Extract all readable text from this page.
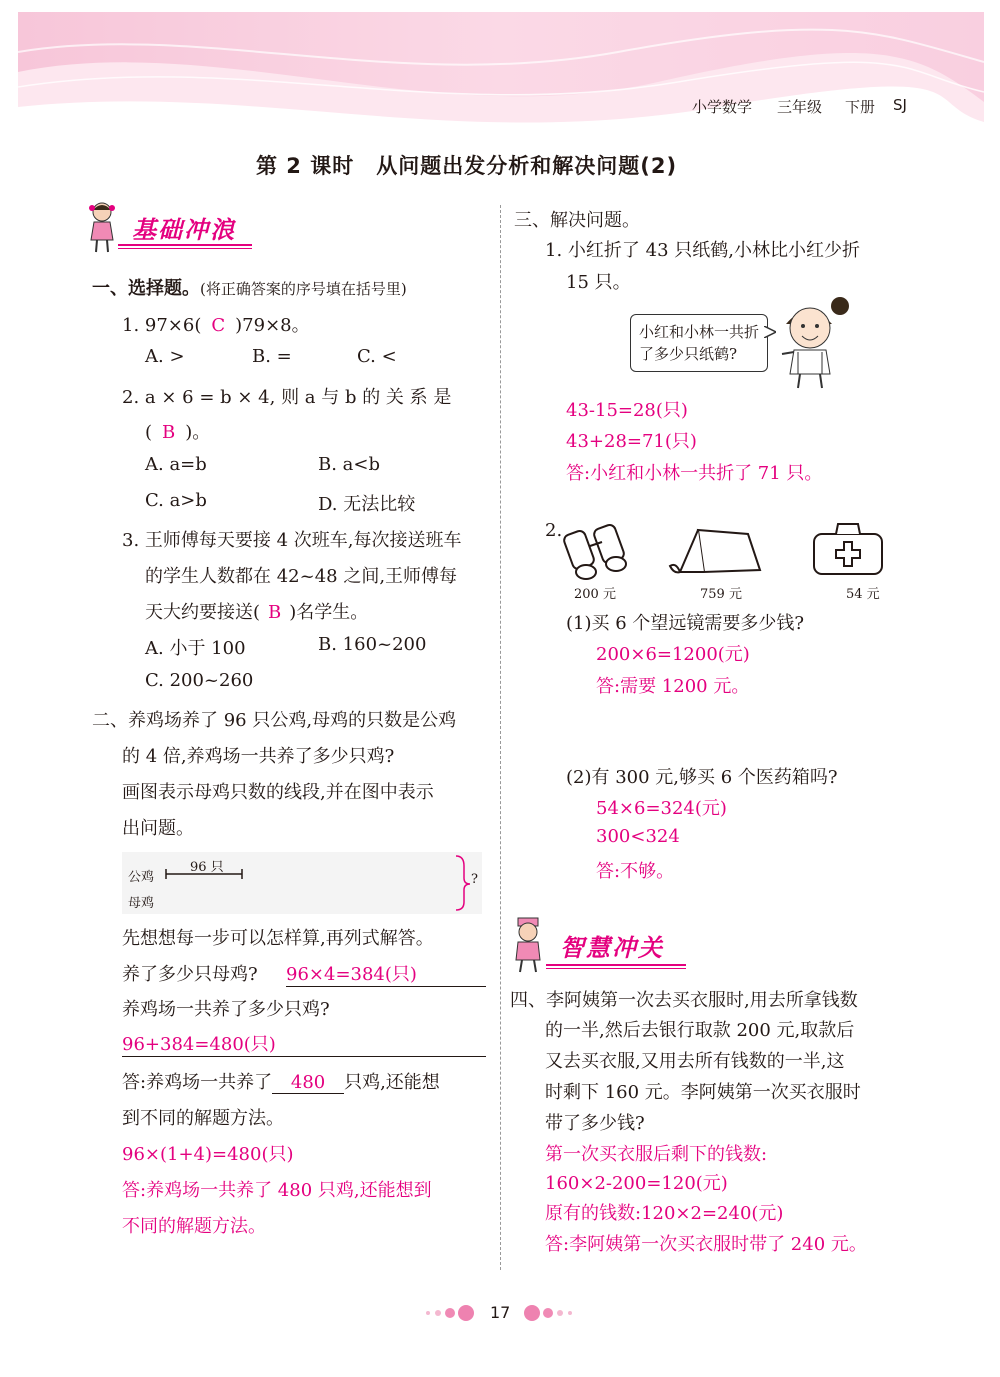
小学数学 三年级 下册 SJ
第 2 课时　从问题出发分析和解决问题(2)
基础冲浪
一、选择题。(将正确答案的序号填在括号里)
1. 97×6( C )79×8。
A. >	B. =	C. <
2. a × 6 = b × 4, 则 a 与 b 的 关 系 是
( B )。
A. a=b	B. a<b
C. a>b	D. 无法比较
3. 王师傅每天要接 4 次班车,每次接送班车
的学生人数都在 42~48 之间,王师傅每
天大约要接送( B )名学生。
A. 小于 100	B. 160~200
C. 200~260
二、养鸡场养了 96 只公鸡,母鸡的只数是公鸡
的 4 倍,养鸡场一共养了多少只鸡?
画图表示母鸡只数的线段,并在图中表示
出问题。
公鸡
母鸡
96 只
?
先想想每一步可以怎样算,再列式解答。
养了多少只母鸡? 96×4=384(只)
养鸡场一共养了多少只鸡?
96+384=480(只)
答:养鸡场一共养了 480 只鸡,还能想
到不同的解题方法。
96×(1+4)=480(只)
答:养鸡场一共养了 480 只鸡,还能想到
不同的解题方法。
三、解决问题。
1. 小红折了 43 只纸鹤,小林比小红少折
15 只。
小红和小林一共折
了多少只纸鹤?
43-15=28(只)
43+28=71(只)
答:小红和小林一共折了 71 只。
2.
200 元	759 元	54 元
(1)买 6 个望远镜需要多少钱?
200×6=1200(元)
答:需要 1200 元。
(2)有 300 元,够买 6 个医药箱吗?
54×6=324(元)
300<324
答:不够。
智慧冲关
四、李阿姨第一次去买衣服时,用去所拿钱数
的一半,然后去银行取款 200 元,取款后
又去买衣服,又用去所有钱数的一半,这
时剩下 160 元。李阿姨第一次买衣服时
带了多少钱?
第一次买衣服后剩下的钱数:
160×2-200=120(元)
原有的钱数:120×2=240(元)
答:李阿姨第一次买衣服时带了 240 元。
17
